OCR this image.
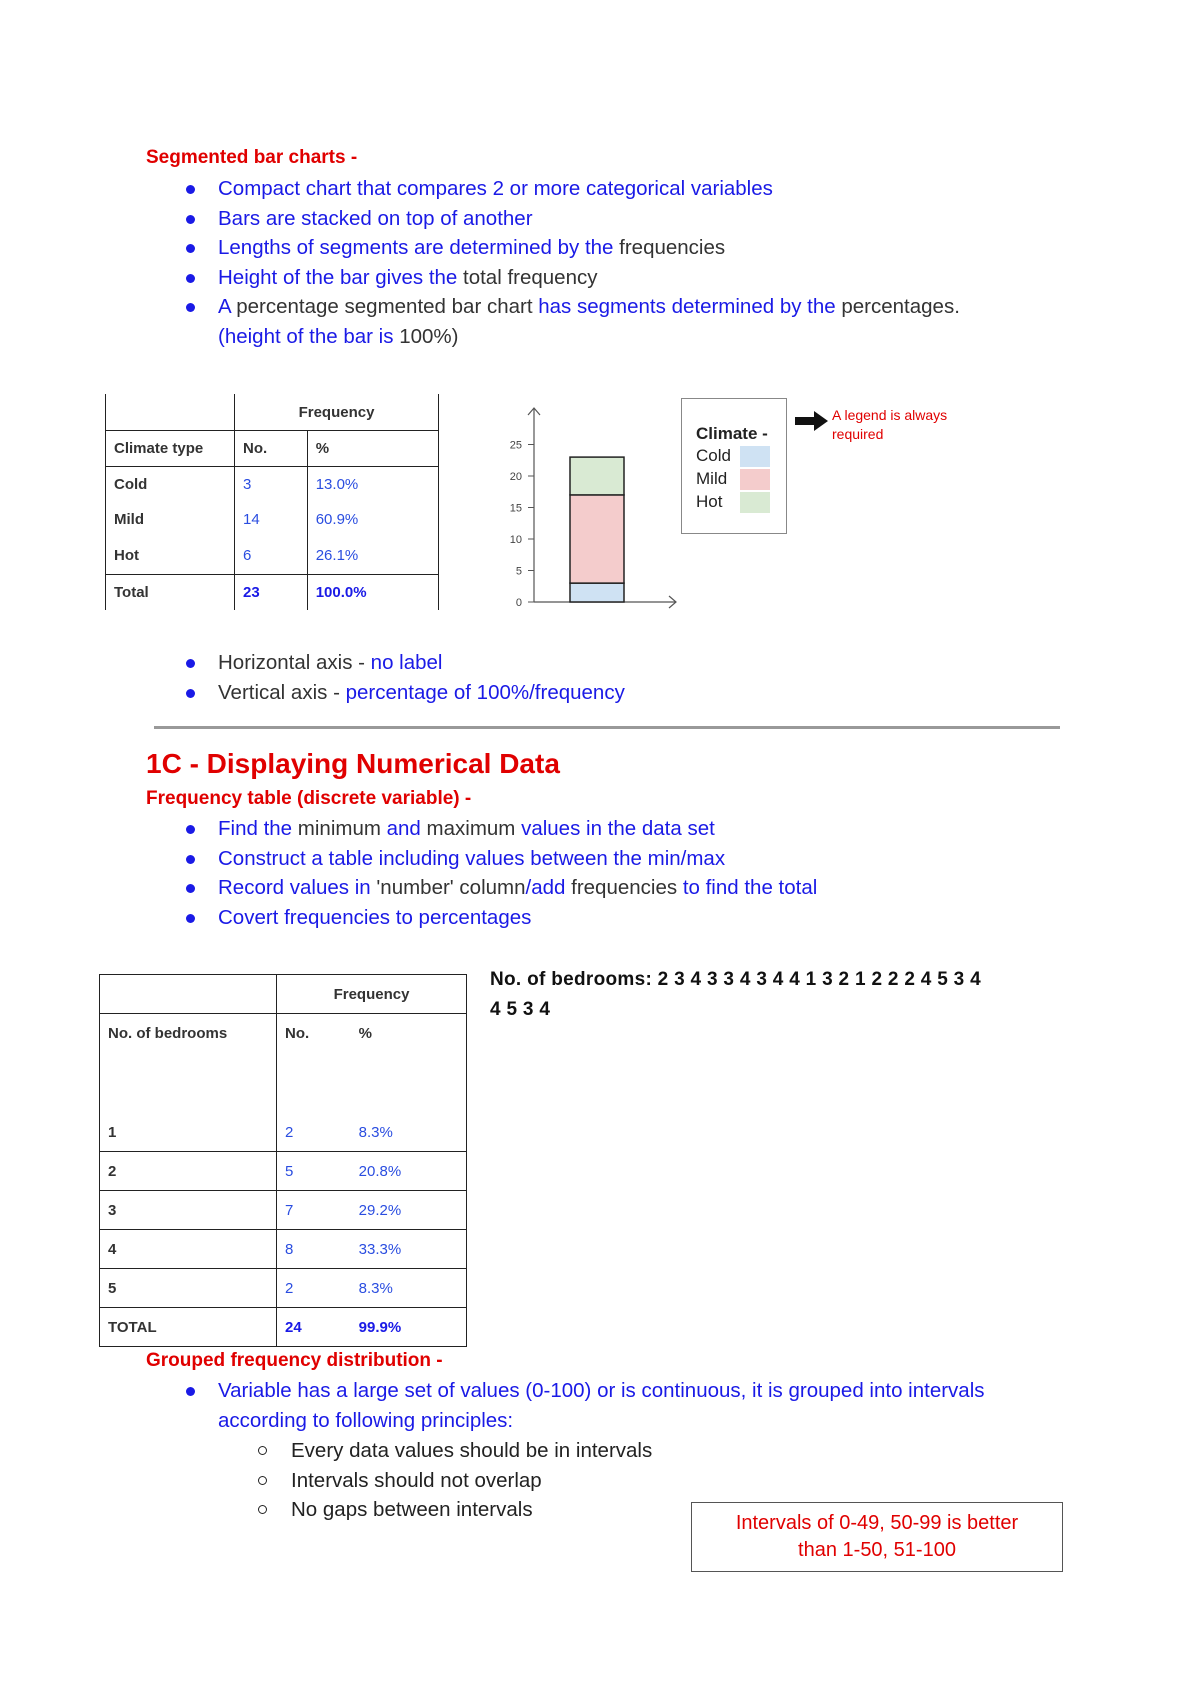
Segmented bar charts -
Compact chart that compares 2 or more categorical variables
Bars are stacked on top of another
Lengths of segments are determined by the frequencies
Height of the bar gives the total frequency
A percentage segmented bar chart has segments determined by the percentages.
(height of the bar is 100%)
	Frequency	
Climate type	No.	%
Cold	3	13.0%
Mild	14	60.9%
Hot	6	26.1%
Total	23	100.0%
0
5
10
15
20
25
Climate -
Cold
Mild
Hot
A legend is always required
Horizontal axis - no label
Vertical axis - percentage of 100%/frequency
1C - Displaying Numerical Data
Frequency table (discrete variable) -
Find the minimum and maximum values in the data set
Construct a table including values between the min/max
Record values in 'number' column/add frequencies to find the total
Covert frequencies to percentages
	Frequency	
No. of bedrooms	No.	%
1	2	8.3%
2	5	20.8%
3	7	29.2%
4	8	33.3%
5	2	8.3%
TOTAL	24	99.9%
No. of bedrooms: 2 3 4 3 3 4 3 4 4 1 3 2 1 2 2 2 4 5 3 4
4 5 3 4
Grouped frequency distribution -
Variable has a large set of values (0-100) or is continuous, it is grouped into intervals
according to following principles:
Every data values should be in intervals
Intervals should not overlap
No gaps between intervals
Intervals of 0-49, 50-99 is better
than 1-50, 51-100
